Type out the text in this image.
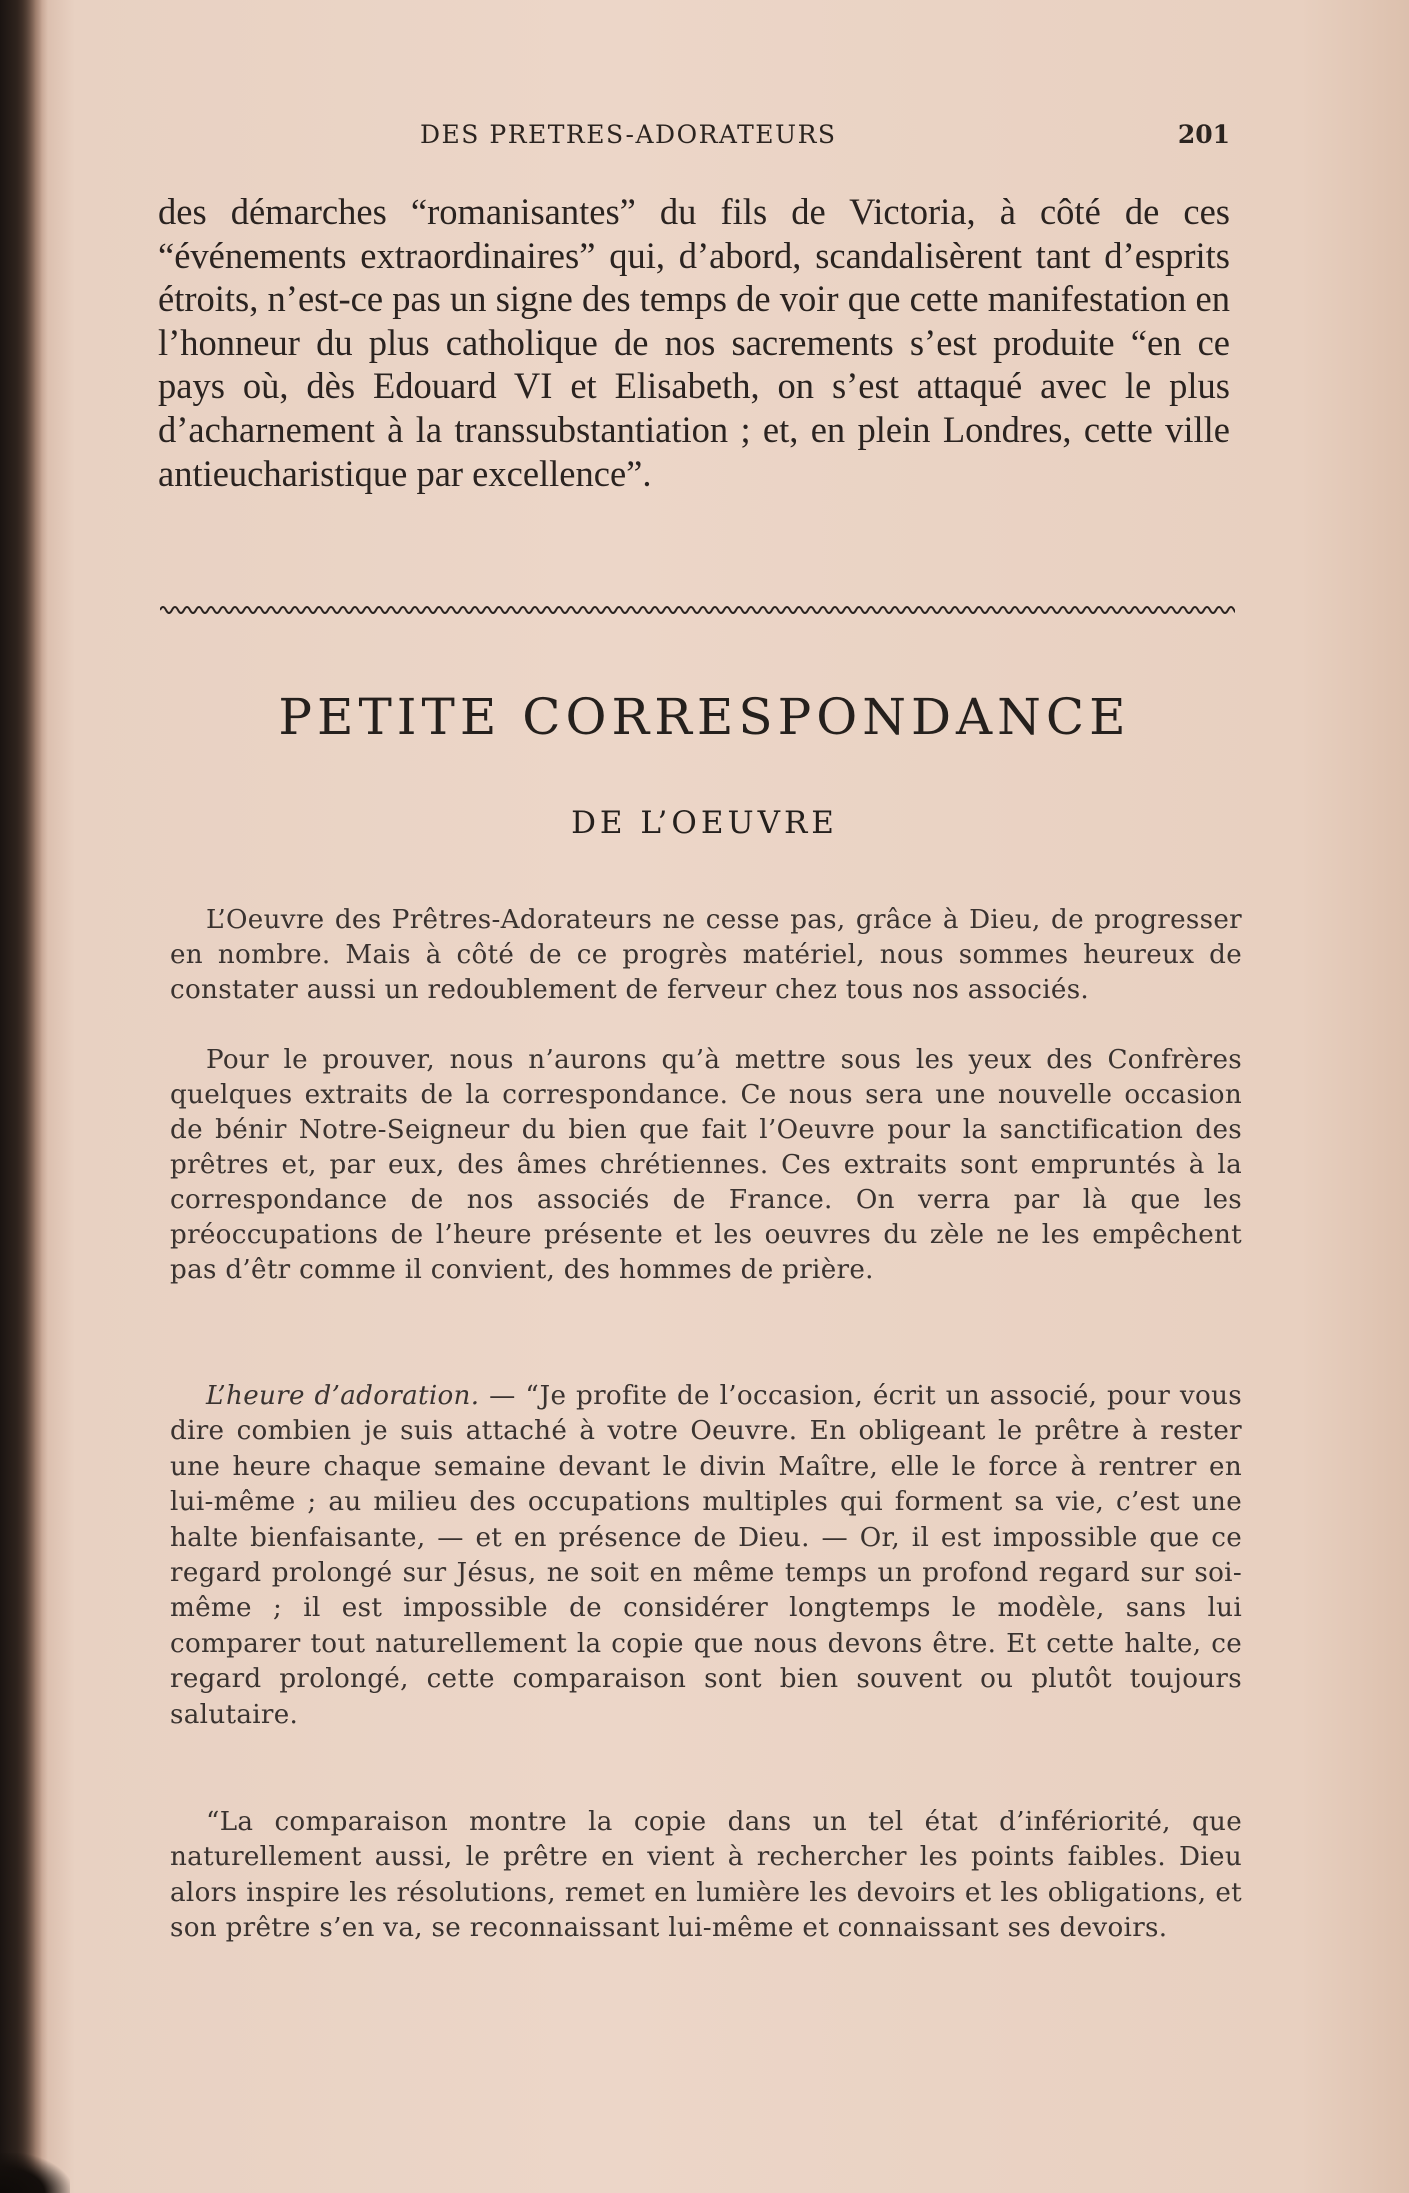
DES PRETRES-ADORATEURS	201

des démarches “romanisantes” du fils de Victoria, à côté de ces “événements extraordinaires” qui, d’abord, scandalisèrent tant d’esprits étroits, n’est-ce pas un signe des temps de voir que cette manifestation en l’honneur du plus catholique de nos sacrements s’est produite “en ce pays où, dès Edouard VI et Elisabeth, on s’est attaqué avec le plus d’acharnement à la transsubstantiation ; et, en plein Londres, cette ville antieucharistique par excellence”.

PETITE CORRESPONDANCE
DE L’OEUVRE

L’Oeuvre des Prêtres-Adorateurs ne cesse pas, grâce à Dieu, de progresser en nombre. Mais à côté de ce progrès matériel, nous sommes heureux de constater aussi un redoublement de ferveur chez tous nos associés.

Pour le prouver, nous n’aurons qu’à mettre sous les yeux des Confrères quelques extraits de la correspondance. Ce nous sera une nouvelle occasion de bénir Notre-Seigneur du bien que fait l’Oeuvre pour la sanctification des prêtres et, par eux, des âmes chrétiennes. Ces extraits sont empruntés à la correspondance de nos associés de France. On verra par là que les préoccupations de l’heure présente et les oeuvres du zèle ne les empêchent pas d’êtr comme il convient, des hommes de prière.

L’heure d’adoration. — “Je profite de l’occasion, écrit un associé, pour vous dire combien je suis attaché à votre Oeuvre. En obligeant le prêtre à rester une heure chaque semaine devant le divin Maître, elle le force à rentrer en lui-même ; au milieu des occupations multiples qui forment sa vie, c’est une halte bienfaisante, — et en présence de Dieu. — Or, il est impossible que ce regard prolongé sur Jésus, ne soit en même temps un profond regard sur soi-même ; il est impossible de considérer longtemps le modèle, sans lui comparer tout naturellement la copie que nous devons être. Et cette halte, ce regard prolongé, cette comparaison sont bien souvent ou plutôt toujours salutaire.

“La comparaison montre la copie dans un tel état d’infériorité, que naturellement aussi, le prêtre en vient à rechercher les points faibles. Dieu alors inspire les résolutions, remet en lumière les devoirs et les obligations, et son prêtre s’en va, se reconnaissant lui-même et connaissant ses devoirs.
